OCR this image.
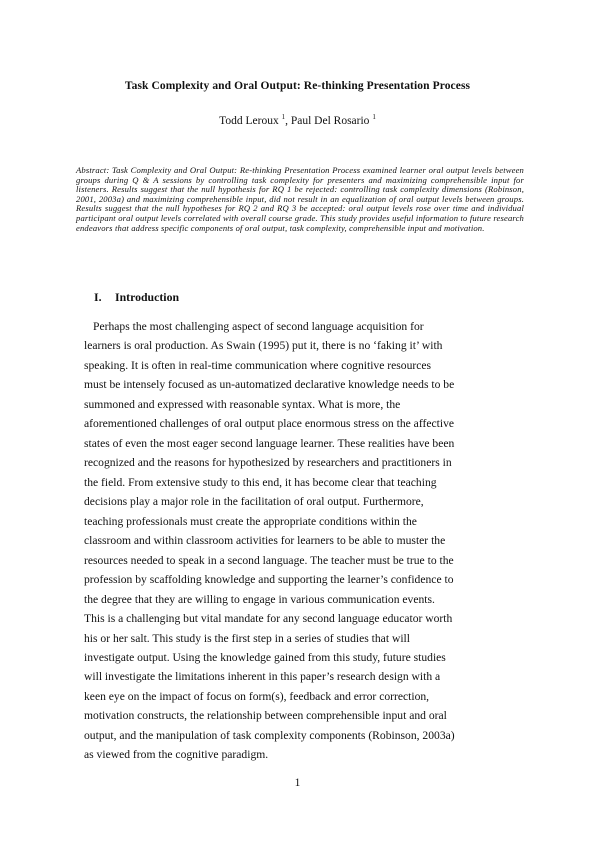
Task Complexity and Oral Output: Re-thinking Presentation Process
Todd Leroux $^1$, Paul Del Rosario $^1$

Abstract: Task Complexity and Oral Output: Re-thinking Presentation Process examined learner oral output levels between groups during Q & A sessions by controlling task complexity for presenters and maximizing comprehensible input for listeners. Results suggest that the null hypothesis for RQ 1 be rejected: controlling task complexity dimensions (Robinson, 2001, 2003a) and maximizing comprehensible input, did not result in an equalization of oral output levels between groups. Results suggest that the null hypotheses for RQ 2 and RQ 3 be accepted: oral output levels rose over time and individual participant oral output levels correlated with overall course grade. This study provides useful information to future research endeavors that address specific components of oral output, task complexity, comprehensible input and motivation.

I. Introduction
Perhaps the most challenging aspect of second language acquisition for
learners is oral production. As Swain (1995) put it, there is no ‘faking it’ with
speaking. It is often in real-time communication where cognitive resources
must be intensely focused as un-automatized declarative knowledge needs to be
summoned and expressed with reasonable syntax. What is more, the
aforementioned challenges of oral output place enormous stress on the affective
states of even the most eager second language learner. These realities have been
recognized and the reasons for hypothesized by researchers and practitioners in
the field. From extensive study to this end, it has become clear that teaching
decisions play a major role in the facilitation of oral output. Furthermore,
teaching professionals must create the appropriate conditions within the
classroom and within classroom activities for learners to be able to muster the
resources needed to speak in a second language. The teacher must be true to the
profession by scaffolding knowledge and supporting the learner’s confidence to
the degree that they are willing to engage in various communication events.
This is a challenging but vital mandate for any second language educator worth
his or her salt. This study is the first step in a series of studies that will
investigate output. Using the knowledge gained from this study, future studies
will investigate the limitations inherent in this paper’s research design with a
keen eye on the impact of focus on form(s), feedback and error correction,
motivation constructs, the relationship between comprehensible input and oral
output, and the manipulation of task complexity components (Robinson, 2003a)
as viewed from the cognitive paradigm.
1
